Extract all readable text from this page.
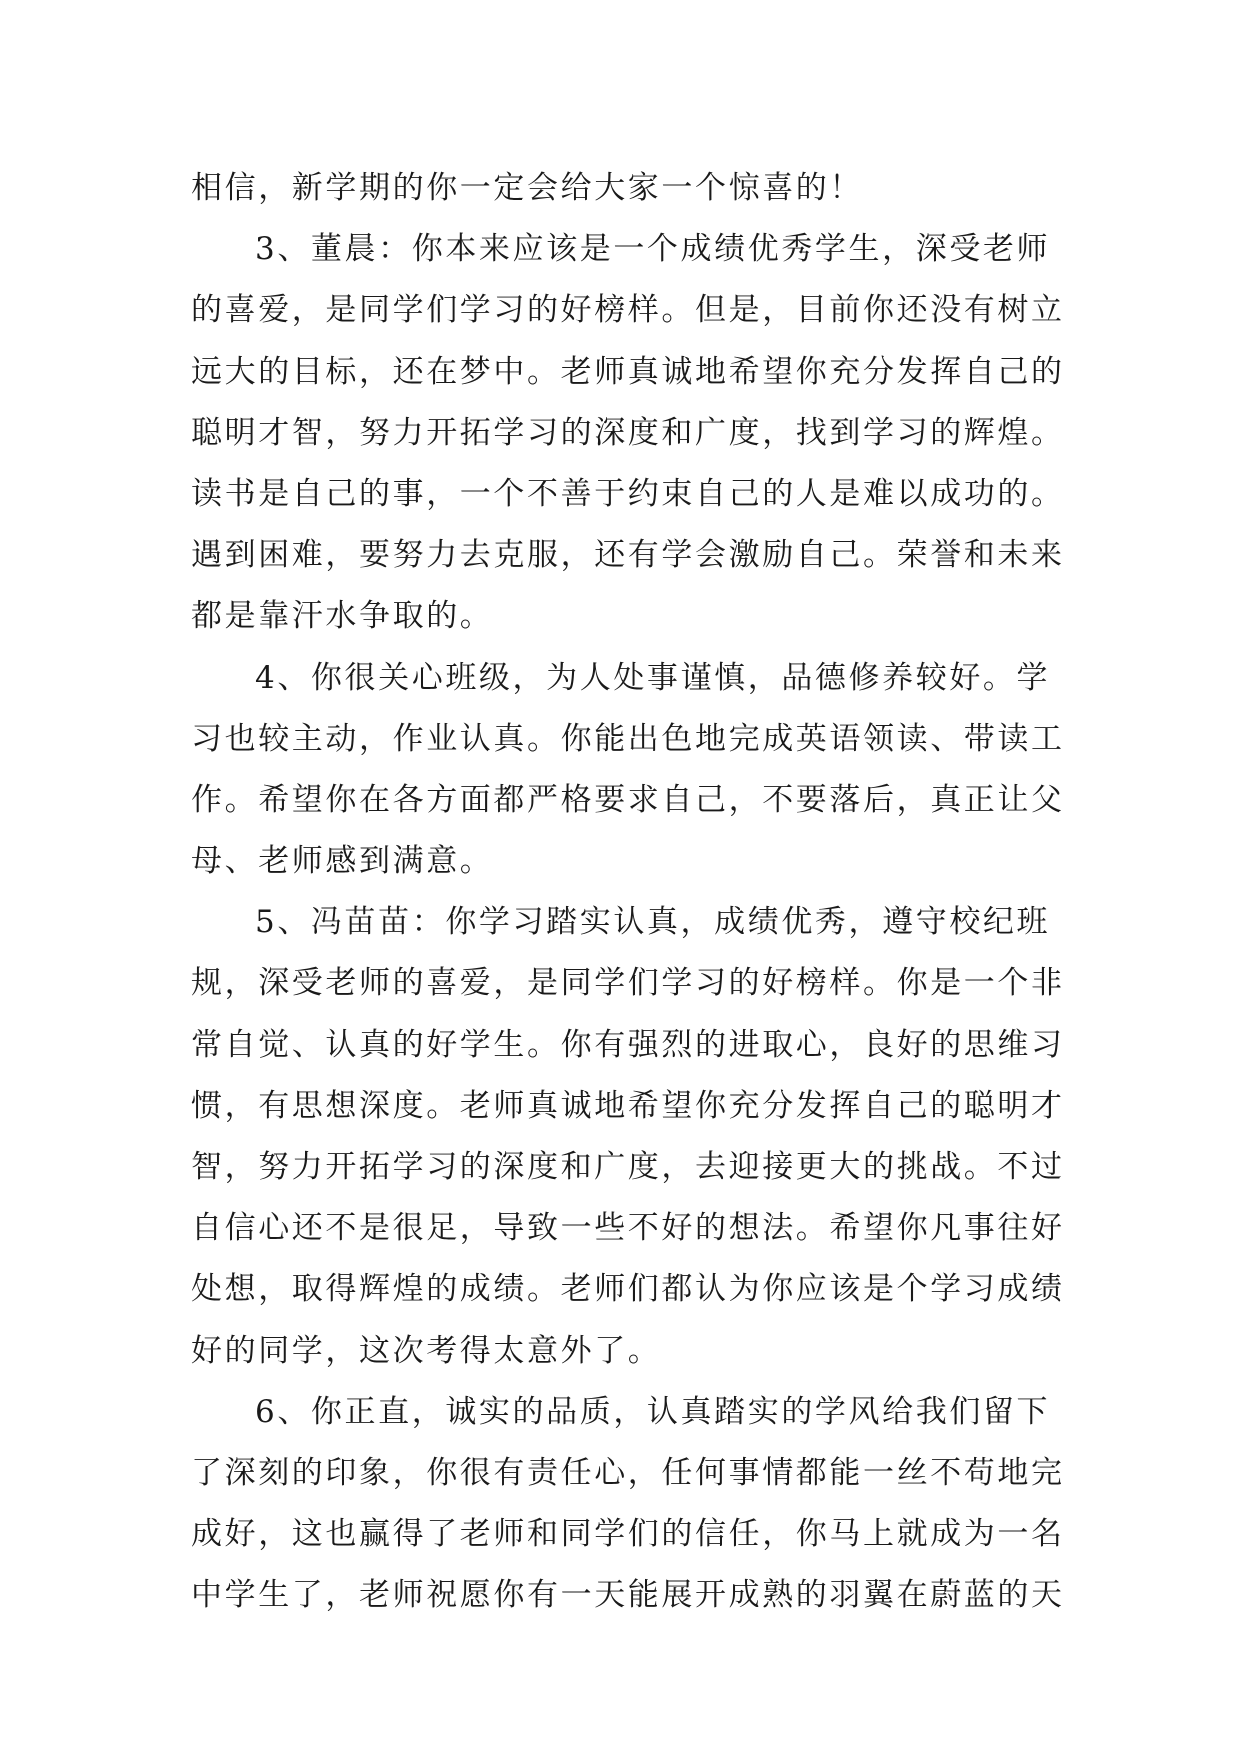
相信，新学期的你一定会给大家一个惊喜的！
3、董晨：你本来应该是一个成绩优秀学生，深受老师
的喜爱，是同学们学习的好榜样。但是，目前你还没有树立
远大的目标，还在梦中。老师真诚地希望你充分发挥自己的
聪明才智，努力开拓学习的深度和广度，找到学习的辉煌。
读书是自己的事，一个不善于约束自己的人是难以成功的。
遇到困难，要努力去克服，还有学会激励自己。荣誉和未来
都是靠汗水争取的。
4、你很关心班级，为人处事谨慎，品德修养较好。学
习也较主动，作业认真。你能出色地完成英语领读、带读工
作。希望你在各方面都严格要求自己，不要落后，真正让父
母、老师感到满意。
5、冯苗苗：你学习踏实认真，成绩优秀，遵守校纪班
规，深受老师的喜爱，是同学们学习的好榜样。你是一个非
常自觉、认真的好学生。你有强烈的进取心，良好的思维习
惯，有思想深度。老师真诚地希望你充分发挥自己的聪明才
智，努力开拓学习的深度和广度，去迎接更大的挑战。不过
自信心还不是很足，导致一些不好的想法。希望你凡事往好
处想，取得辉煌的成绩。老师们都认为你应该是个学习成绩
好的同学，这次考得太意外了。
6、你正直，诚实的品质，认真踏实的学风给我们留下
了深刻的印象，你很有责任心，任何事情都能一丝不苟地完
成好，这也赢得了老师和同学们的信任，你马上就成为一名
中学生了，老师祝愿你有一天能展开成熟的羽翼在蔚蓝的天
